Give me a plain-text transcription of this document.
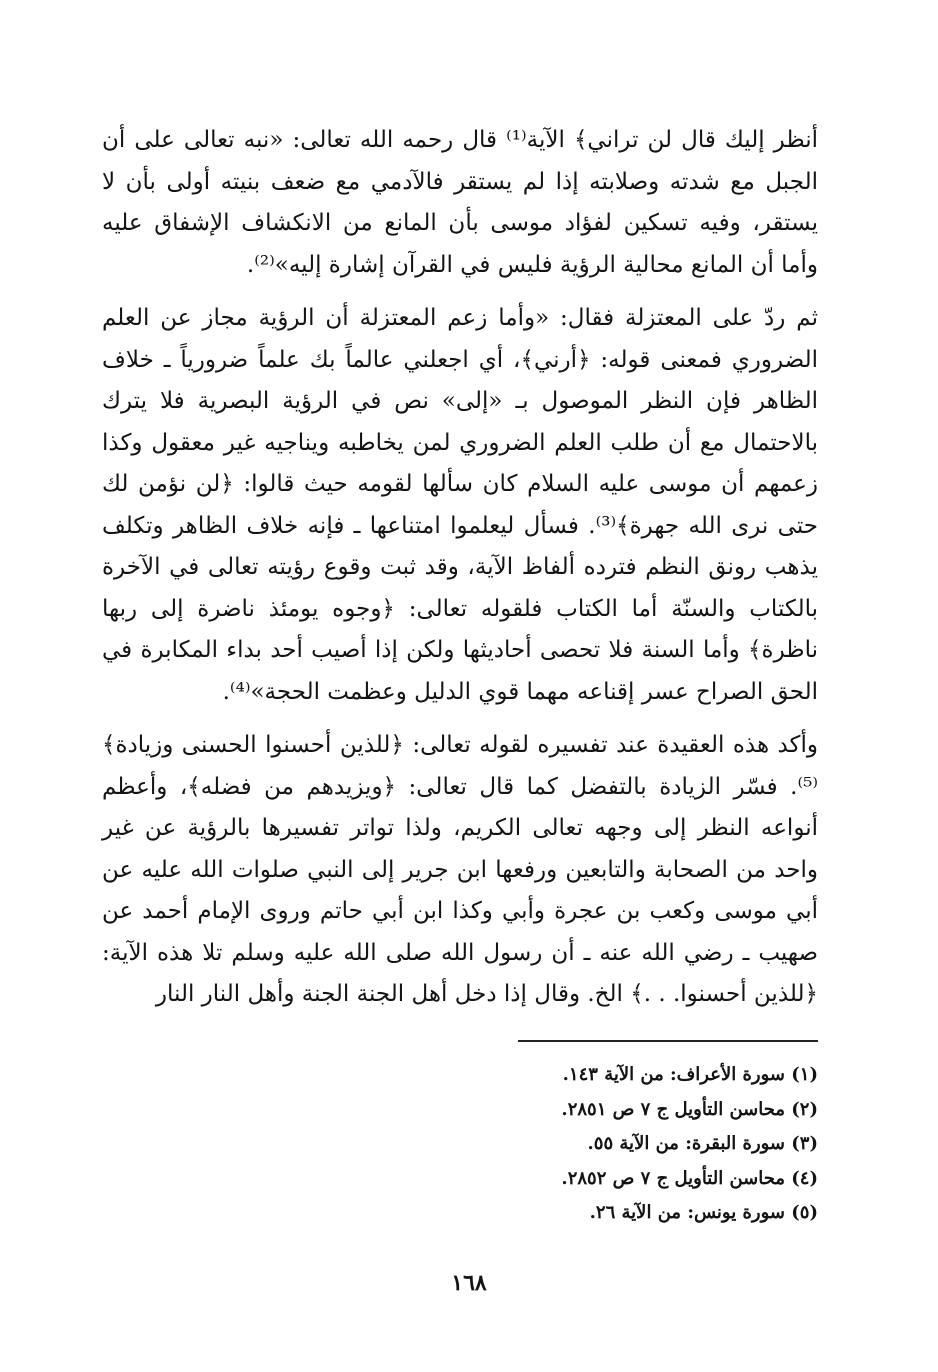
أنظر إليك قال لن تراني﴾ الآية⁽¹⁾ قال رحمه الله تعالى: «نبه تعالى على أن الجبل مع شدته وصلابته إذا لم يستقر فالآدمي مع ضعف بنيته أولى بأن لا يستقر، وفيه تسكين لفؤاد موسى بأن المانع من الانكشاف الإشفاق عليه وأما أن المانع محالية الرؤية فليس في القرآن إشارة إليه»⁽²⁾.

ثم ردّ على المعتزلة فقال: «وأما زعم المعتزلة أن الرؤية مجاز عن العلم الضروري فمعنى قوله: ﴿أرني﴾، أي اجعلني عالماً بك علماً ضرورياً ـ خلاف الظاهر فإن النظر الموصول بـ «إلى» نص في الرؤية البصرية فلا يترك بالاحتمال مع أن طلب العلم الضروري لمن يخاطبه ويناجيه غير معقول وكذا زعمهم أن موسى عليه السلام كان سألها لقومه حيث قالوا: ﴿لن نؤمن لك حتى نرى الله جهرة﴾⁽³⁾. فسأل ليعلموا امتناعها ـ فإنه خلاف الظاهر وتكلف يذهب رونق النظم فترده ألفاظ الآية، وقد ثبت وقوع رؤيته تعالى في الآخرة بالكتاب والسنّة أما الكتاب فلقوله تعالى: ﴿وجوه يومئذ ناضرة إلى ربها ناظرة﴾ وأما السنة فلا تحصى أحاديثها ولكن إذا أصيب أحد بداء المكابرة في الحق الصراح عسر إقناعه مهما قوي الدليل وعظمت الحجة»⁽⁴⁾.

وأكد هذه العقيدة عند تفسيره لقوله تعالى: ﴿للذين أحسنوا الحسنى وزيادة﴾⁽⁵⁾. فسّر الزيادة بالتفضل كما قال تعالى: ﴿ويزيدهم من فضله﴾، وأعظم أنواعه النظر إلى وجهه تعالى الكريم، ولذا تواتر تفسيرها بالرؤية عن غير واحد من الصحابة والتابعين ورفعها ابن جرير إلى النبي صلوات الله عليه عن أبي موسى وكعب بن عجرة وأبي وكذا ابن أبي حاتم وروى الإمام أحمد عن صهيب ـ رضي الله عنه ـ أن رسول الله صلى الله عليه وسلم تلا هذه الآية: ﴿للذين أحسنوا. . .﴾ الخ. وقال إذا دخل أهل الجنة الجنة وأهل النار النار

(١) سورة الأعراف: من الآية ١٤٣.
(٢) محاسن التأويل ج ٧ ص ٢٨٥١.
(٣) سورة البقرة: من الآية ٥٥.
(٤) محاسن التأويل ج ٧ ص ٢٨٥٢.
(٥) سورة يونس: من الآية ٢٦.
١٦٨
